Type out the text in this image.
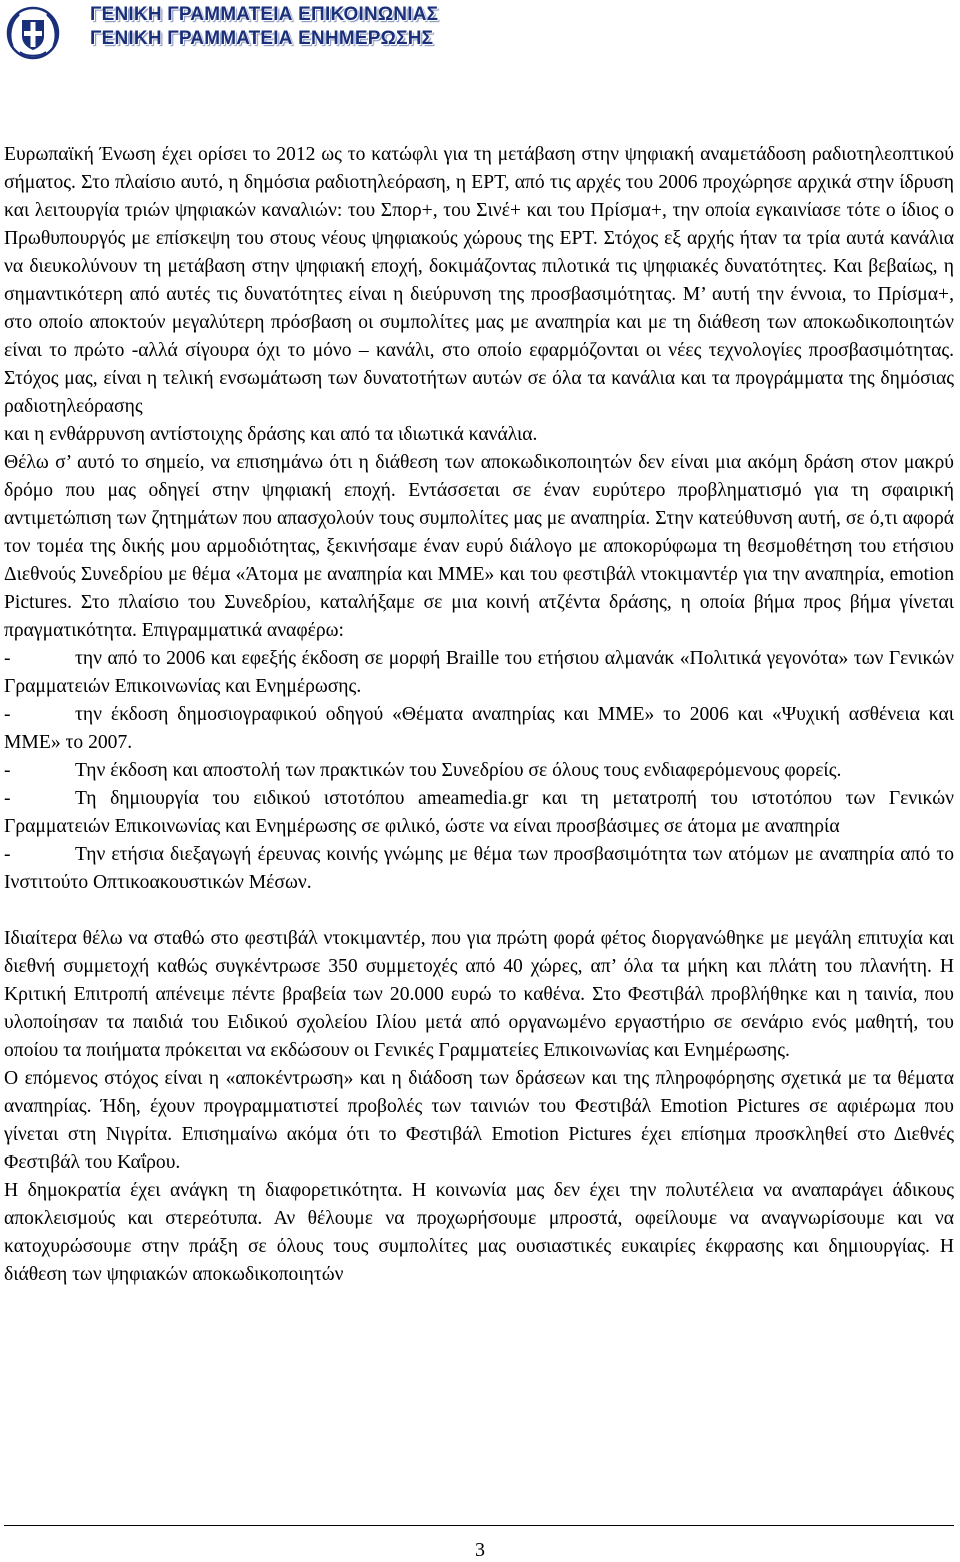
ΓΕΝΙΚΗ ΓΡΑΜΜΑΤΕΙΑ ΕΠΙΚΟΙΝΩΝΙΑΣ
ΓΕΝΙΚΗ ΓΡΑΜΜΑΤΕΙΑ ΕΝΗΜΕΡΩΣΗΣ

Ευρωπαϊκή Ένωση έχει ορίσει το 2012 ως το κατώφλι για τη μετάβαση στην ψηφιακή αναμετάδοση ραδιοτηλεοπτικού σήματος. Στο πλαίσιο αυτό, η δημόσια ραδιοτηλεόραση, η ΕΡΤ, από τις αρχές του 2006 προχώρησε αρχικά στην ίδρυση και λειτουργία τριών ψηφιακών καναλιών: του Σπορ+, του Σινέ+ και του Πρίσμα+, την οποία εγκαινίασε τότε ο ίδιος ο Πρωθυπουργός με επίσκεψη του στους νέους ψηφιακούς χώρους της ΕΡΤ. Στόχος εξ αρχής ήταν τα τρία αυτά κανάλια να διευκολύνουν τη μετάβαση στην ψηφιακή εποχή, δοκιμάζοντας πιλοτικά τις ψηφιακές δυνατότητες. Και βεβαίως, η σημαντικότερη από αυτές τις δυνατότητες είναι η διεύρυνση της προσβασιμότητας. Μ’ αυτή την έννοια, το Πρίσμα+, στο οποίο αποκτούν μεγαλύτερη πρόσβαση οι συμπολίτες μας με αναπηρία και με τη διάθεση των αποκωδικοποιητών είναι το πρώτο -αλλά σίγουρα όχι το μόνο – κανάλι, στο οποίο εφαρμόζονται οι νέες τεχνολογίες προσβασιμότητας. Στόχος μας, είναι η τελική ενσωμάτωση των δυνατοτήτων αυτών σε όλα τα κανάλια και τα προγράμματα της δημόσιας ραδιοτηλεόρασης

και η ενθάρρυνση αντίστοιχης δράσης και από τα ιδιωτικά κανάλια.

Θέλω σ’ αυτό το σημείο, να επισημάνω ότι η διάθεση των αποκωδικοποιητών δεν είναι μια ακόμη δράση στον μακρύ δρόμο που μας οδηγεί στην ψηφιακή εποχή. Εντάσσεται σε έναν ευρύτερο προβληματισμό για τη σφαιρική αντιμετώπιση των ζητημάτων που απασχολούν τους συμπολίτες μας με αναπηρία. Στην κατεύθυνση αυτή, σε ό,τι αφορά τον τομέα της δικής μου αρμοδιότητας, ξεκινήσαμε έναν ευρύ διάλογο με αποκορύφωμα τη θεσμοθέτηση του ετήσιου Διεθνούς Συνεδρίου με θέμα «Άτομα με αναπηρία και ΜΜΕ» και του φεστιβάλ ντοκιμαντέρ για την αναπηρία, emotion Pictures. Στο πλαίσιο του Συνεδρίου, καταλήξαμε σε μια κοινή ατζέντα δράσης, η οποία βήμα προς βήμα γίνεται πραγματικότητα. Επιγραμματικά αναφέρω:

-	την από το 2006 και εφεξής έκδοση σε μορφή Braille του ετήσιου αλμανάκ «Πολιτικά γεγονότα» των Γενικών Γραμματειών Επικοινωνίας και Ενημέρωσης.
-	την έκδοση δημοσιογραφικού οδηγού «Θέματα αναπηρίας και ΜΜΕ» το 2006 και «Ψυχική ασθένεια και ΜΜΕ» το 2007.
-	Την έκδοση και αποστολή των πρακτικών του Συνεδρίου σε όλους τους ενδιαφερόμενους φορείς.
-	Τη δημιουργία του ειδικού ιστοτόπου ameamedia.gr και τη μετατροπή του ιστοτόπου των Γενικών Γραμματειών Επικοινωνίας και Ενημέρωσης σε φιλικό, ώστε να είναι προσβάσιμες σε άτομα με αναπηρία
-	Την ετήσια διεξαγωγή έρευνας κοινής γνώμης με θέμα των προσβασιμότητα των ατόμων με αναπηρία από το Ινστιτούτο Οπτικοακουστικών Μέσων.

Ιδιαίτερα θέλω να σταθώ στο φεστιβάλ ντοκιμαντέρ, που για πρώτη φορά φέτος διοργανώθηκε με μεγάλη επιτυχία και διεθνή συμμετοχή καθώς συγκέντρωσε 350 συμμετοχές από 40 χώρες, απ’ όλα τα μήκη και πλάτη του πλανήτη. Η Κριτική Επιτροπή απένειμε πέντε βραβεία των 20.000 ευρώ το καθένα. Στο Φεστιβάλ προβλήθηκε και η ταινία, που υλοποίησαν τα παιδιά του Ειδικού σχολείου Ιλίου μετά από οργανωμένο εργαστήριο σε σενάριο ενός μαθητή, του οποίου τα ποιήματα πρόκειται να εκδώσουν οι Γενικές Γραμματείες Επικοινωνίας και Ενημέρωσης.

Ο επόμενος στόχος είναι η «αποκέντρωση» και η διάδοση των δράσεων και της πληροφόρησης σχετικά με τα θέματα αναπηρίας. Ήδη, έχουν προγραμματιστεί προβολές των ταινιών του Φεστιβάλ Emotion Pictures σε αφιέρωμα που γίνεται στη Νιγρίτα. Επισημαίνω ακόμα ότι το Φεστιβάλ Emotion Pictures έχει επίσημα προσκληθεί στο Διεθνές Φεστιβάλ του Καΐρου.

Η δημοκρατία έχει ανάγκη τη διαφορετικότητα. Η κοινωνία μας δεν έχει την πολυτέλεια να αναπαράγει άδικους αποκλεισμούς και στερεότυπα. Αν θέλουμε να προχωρήσουμε μπροστά, οφείλουμε να αναγνωρίσουμε και να κατοχυρώσουμε στην πράξη σε όλους τους συμπολίτες μας ουσιαστικές ευκαιρίες έκφρασης και δημιουργίας. Η διάθεση των ψηφιακών αποκωδικοποιητών

3
